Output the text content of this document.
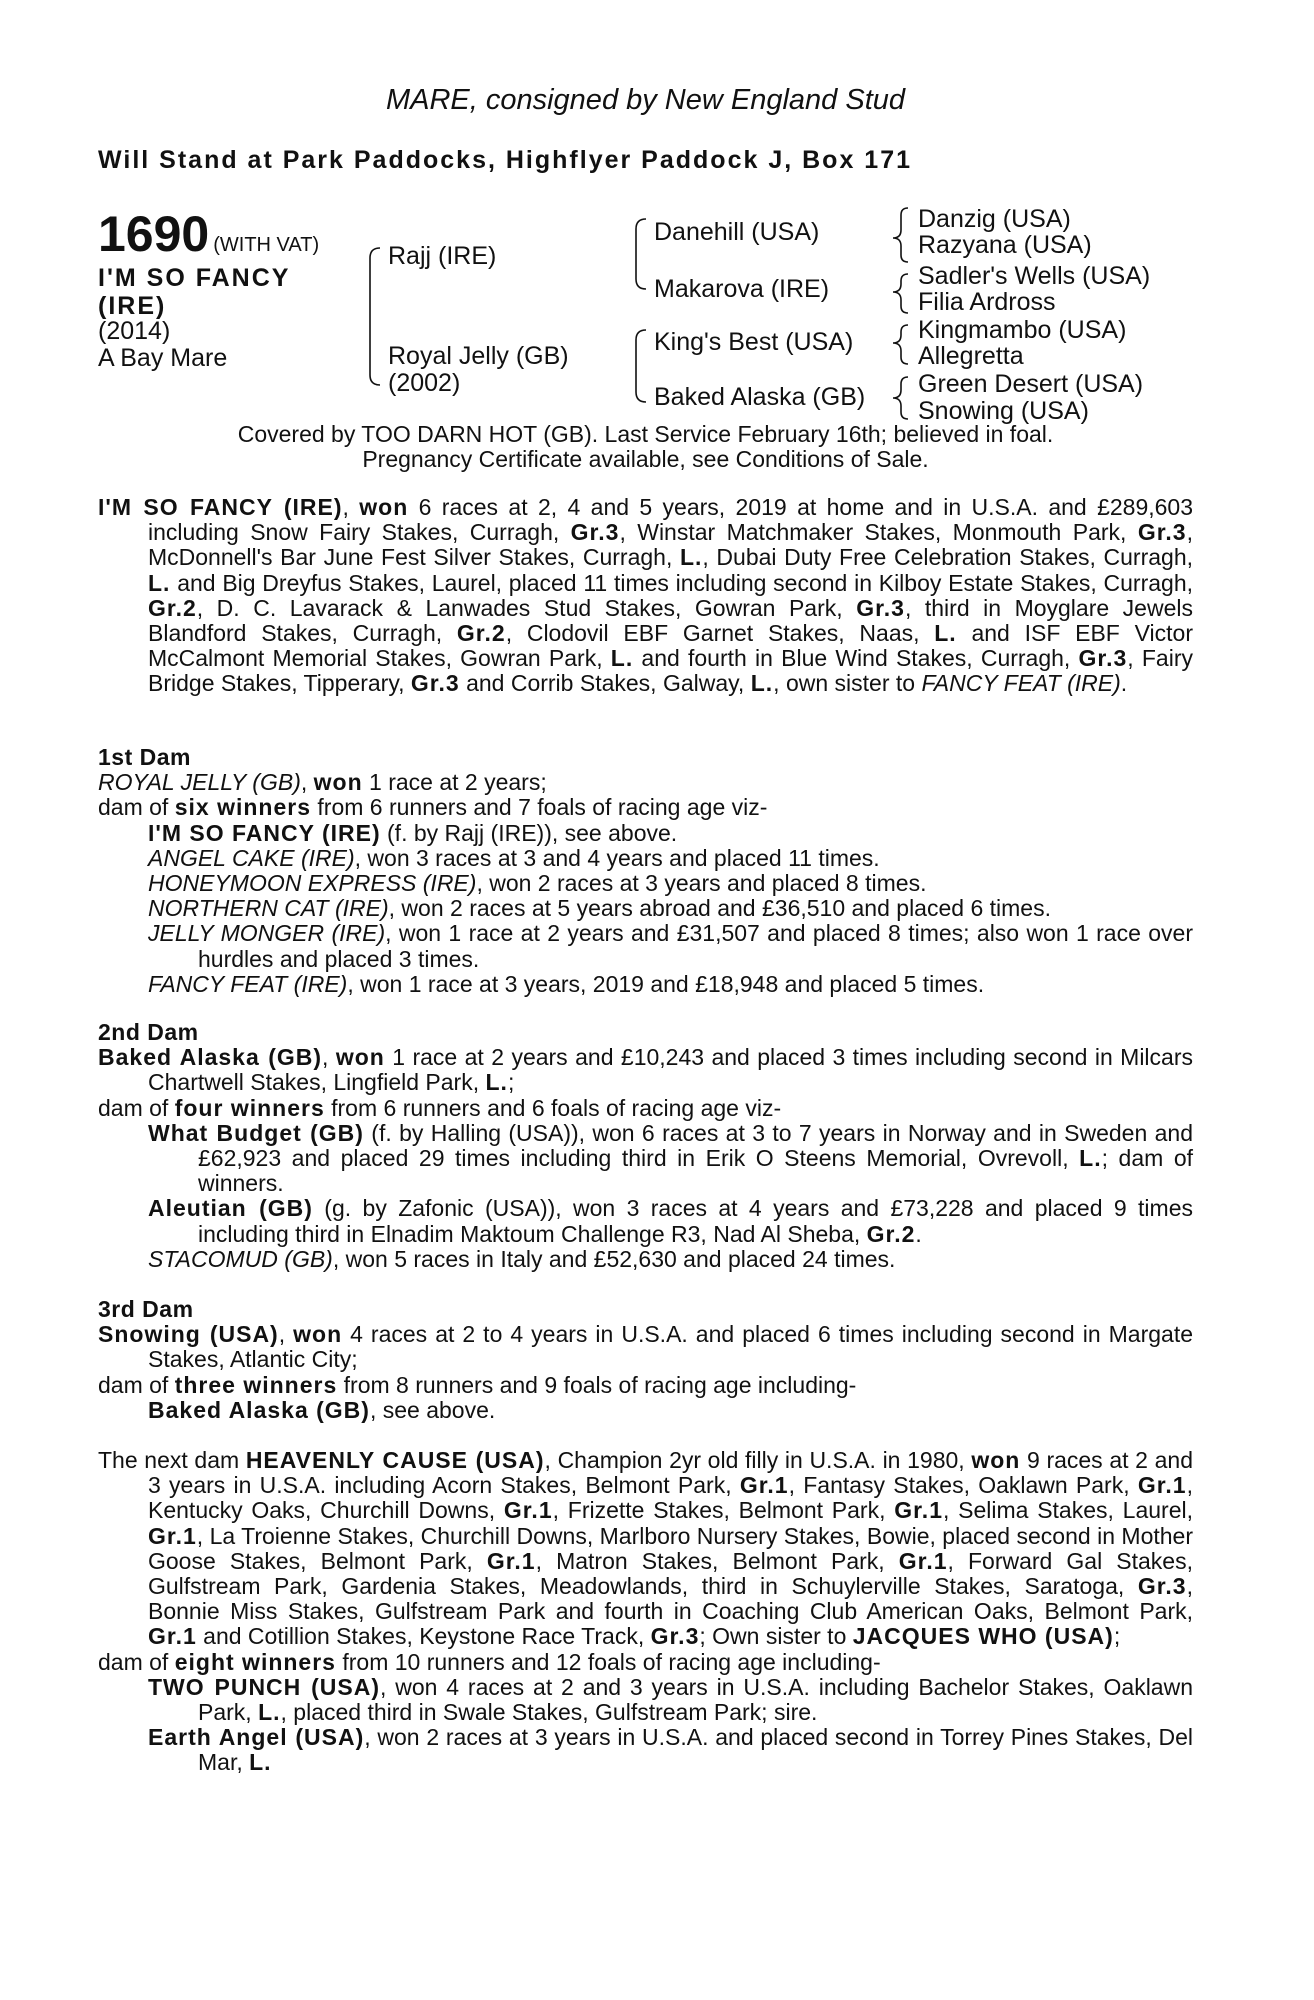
MARE, consigned by New England Stud
Will Stand at Park Paddocks, Highflyer Paddock J, Box 171
1690 (WITH VAT)
I'M SO FANCY
(IRE)
(2014)
A Bay Mare
Rajj (IRE)
Royal Jelly (GB)
(2002)
Danehill (USA)
Makarova (IRE)
King's Best (USA)
Baked Alaska (GB)
Danzig (USA)
Razyana (USA)
Sadler's Wells (USA)
Filia Ardross
Kingmambo (USA)
Allegretta
Green Desert (USA)
Snowing (USA)
Covered by TOO DARN HOT (GB). Last Service February 16th; believed in foal.
Pregnancy Certificate available, see Conditions of Sale.

I'M SO FANCY (IRE), won 6 races at 2, 4 and 5 years, 2019 at home and in U.S.A. and £289,603 including Snow Fairy Stakes, Curragh, Gr.3, Winstar Matchmaker Stakes, Monmouth Park, Gr.3, McDonnell's Bar June Fest Silver Stakes, Curragh, L., Dubai Duty Free Celebration Stakes, Curragh, L. and Big Dreyfus Stakes, Laurel, placed 11 times including second in Kilboy Estate Stakes, Curragh, Gr.2, D. C. Lavarack & Lanwades Stud Stakes, Gowran Park, Gr.3, third in Moyglare Jewels Blandford Stakes, Curragh, Gr.2, Clodovil EBF Garnet Stakes, Naas, L. and ISF EBF Victor McCalmont Memorial Stakes, Gowran Park, L. and fourth in Blue Wind Stakes, Curragh, Gr.3, Fairy Bridge Stakes, Tipperary, Gr.3 and Corrib Stakes, Galway, L., own sister to FANCY FEAT (IRE).

1st Dam

ROYAL JELLY (GB), won 1 race at 2 years;

dam of six winners from 6 runners and 7 foals of racing age viz-

I'M SO FANCY (IRE) (f. by Rajj (IRE)), see above.

ANGEL CAKE (IRE), won 3 races at 3 and 4 years and placed 11 times.

HONEYMOON EXPRESS (IRE), won 2 races at 3 years and placed 8 times.

NORTHERN CAT (IRE), won 2 races at 5 years abroad and £36,510 and placed 6 times.

JELLY MONGER (IRE), won 1 race at 2 years and £31,507 and placed 8 times; also won 1 race over hurdles and placed 3 times.

FANCY FEAT (IRE), won 1 race at 3 years, 2019 and £18,948 and placed 5 times.

2nd Dam

Baked Alaska (GB), won 1 race at 2 years and £10,243 and placed 3 times including second in Milcars Chartwell Stakes, Lingfield Park, L.;

dam of four winners from 6 runners and 6 foals of racing age viz-

What Budget (GB) (f. by Halling (USA)), won 6 races at 3 to 7 years in Norway and in Sweden and £62,923 and placed 29 times including third in Erik O Steens Memorial, Ovrevoll, L.; dam of winners.

Aleutian (GB) (g. by Zafonic (USA)), won 3 races at 4 years and £73,228 and placed 9 times including third in Elnadim Maktoum Challenge R3, Nad Al Sheba, Gr.2.

STACOMUD (GB), won 5 races in Italy and £52,630 and placed 24 times.

3rd Dam

Snowing (USA), won 4 races at 2 to 4 years in U.S.A. and placed 6 times including second in Margate Stakes, Atlantic City;

dam of three winners from 8 runners and 9 foals of racing age including-

Baked Alaska (GB), see above.

The next dam HEAVENLY CAUSE (USA), Champion 2yr old filly in U.S.A. in 1980, won 9 races at 2 and 3 years in U.S.A. including Acorn Stakes, Belmont Park, Gr.1, Fantasy Stakes, Oaklawn Park, Gr.1, Kentucky Oaks, Churchill Downs, Gr.1, Frizette Stakes, Belmont Park, Gr.1, Selima Stakes, Laurel, Gr.1, La Troienne Stakes, Churchill Downs, Marlboro Nursery Stakes, Bowie, placed second in Mother Goose Stakes, Belmont Park, Gr.1, Matron Stakes, Belmont Park, Gr.1, Forward Gal Stakes, Gulfstream Park, Gardenia Stakes, Meadowlands, third in Schuylerville Stakes, Saratoga, Gr.3, Bonnie Miss Stakes, Gulfstream Park and fourth in Coaching Club American Oaks, Belmont Park, Gr.1 and Cotillion Stakes, Keystone Race Track, Gr.3; Own sister to JACQUES WHO (USA);

dam of eight winners from 10 runners and 12 foals of racing age including-

TWO PUNCH (USA), won 4 races at 2 and 3 years in U.S.A. including Bachelor Stakes, Oaklawn Park, L., placed third in Swale Stakes, Gulfstream Park; sire.

Earth Angel (USA), won 2 races at 3 years in U.S.A. and placed second in Torrey Pines Stakes, Del Mar, L.
